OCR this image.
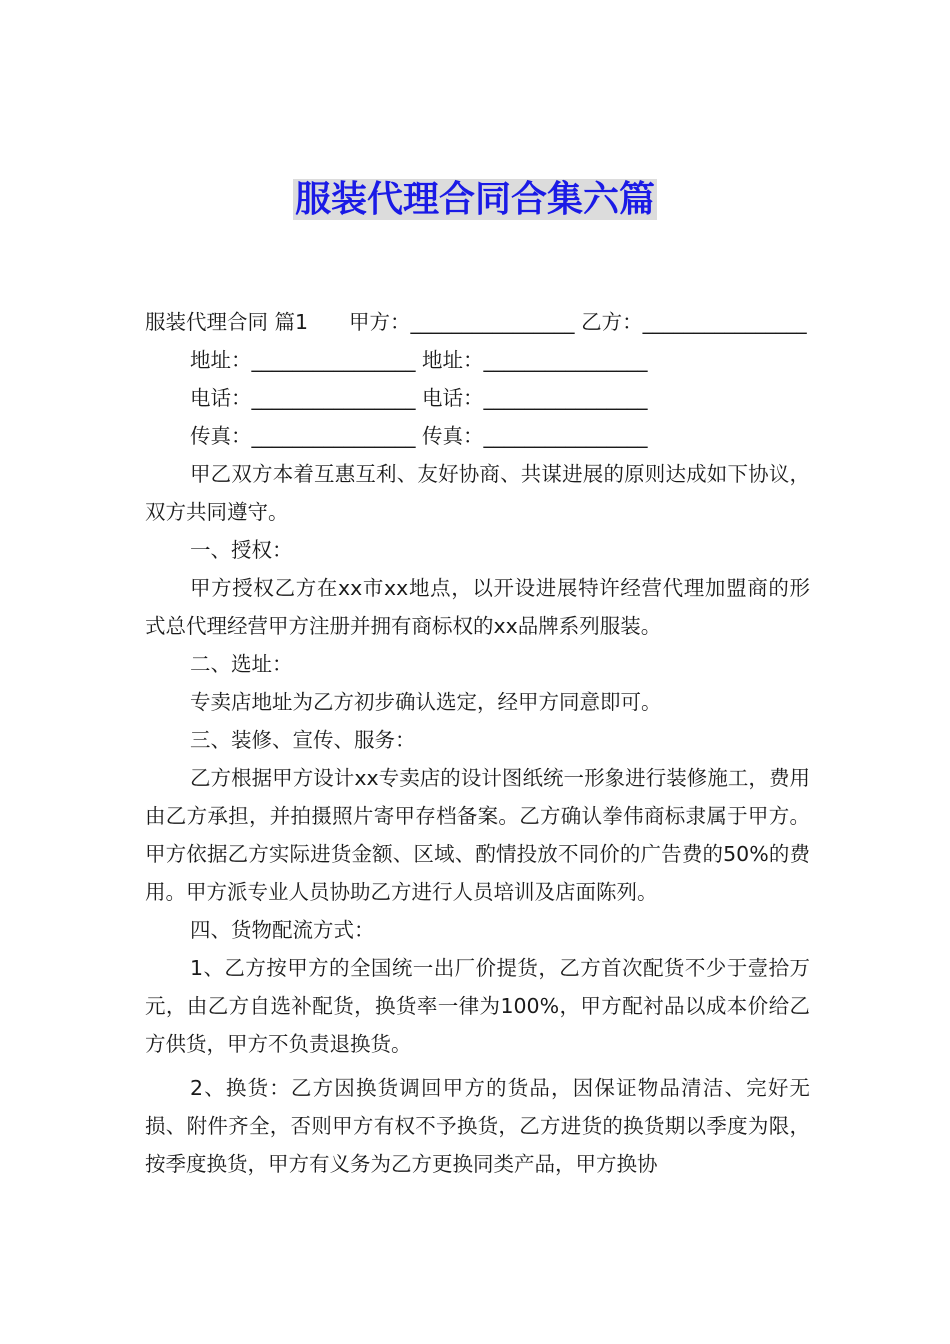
服装代理合同合集六篇

服装代理合同 篇1　　甲方：________________ 乙方：________________

地址：________________ 地址：________________

电话：________________ 电话：________________

传真：________________ 传真：________________

甲乙双方本着互惠互利、友好协商、共谋进展的原则达成如下协议，双方共同遵守。

一、授权：

甲方授权乙方在xx市xx地点，以开设进展特许经营代理加盟商的形式总代理经营甲方注册并拥有商标权的xx品牌系列服装。

二、选址：

专卖店地址为乙方初步确认选定，经甲方同意即可。

三、装修、宣传、服务：

乙方根据甲方设计xx专卖店的设计图纸统一形象进行装修施工，费用由乙方承担，并拍摄照片寄甲存档备案。乙方确认拳伟商标隶属于甲方。甲方依据乙方实际进货金额、区域、酌情投放不同价的广告费的50%的费用。甲方派专业人员协助乙方进行人员培训及店面陈列。

四、货物配流方式：

1、乙方按甲方的全国统一出厂价提货，乙方首次配货不少于壹拾万元，由乙方自选补配货，换货率一律为100%，甲方配衬品以成本价给乙方供货，甲方不负责退换货。

2、换货：乙方因换货调回甲方的货品，因保证物品清洁、完好无损、附件齐全，否则甲方有权不予换货，乙方进货的换货期以季度为限，按季度换货，甲方有义务为乙方更换同类产品，甲方换协
